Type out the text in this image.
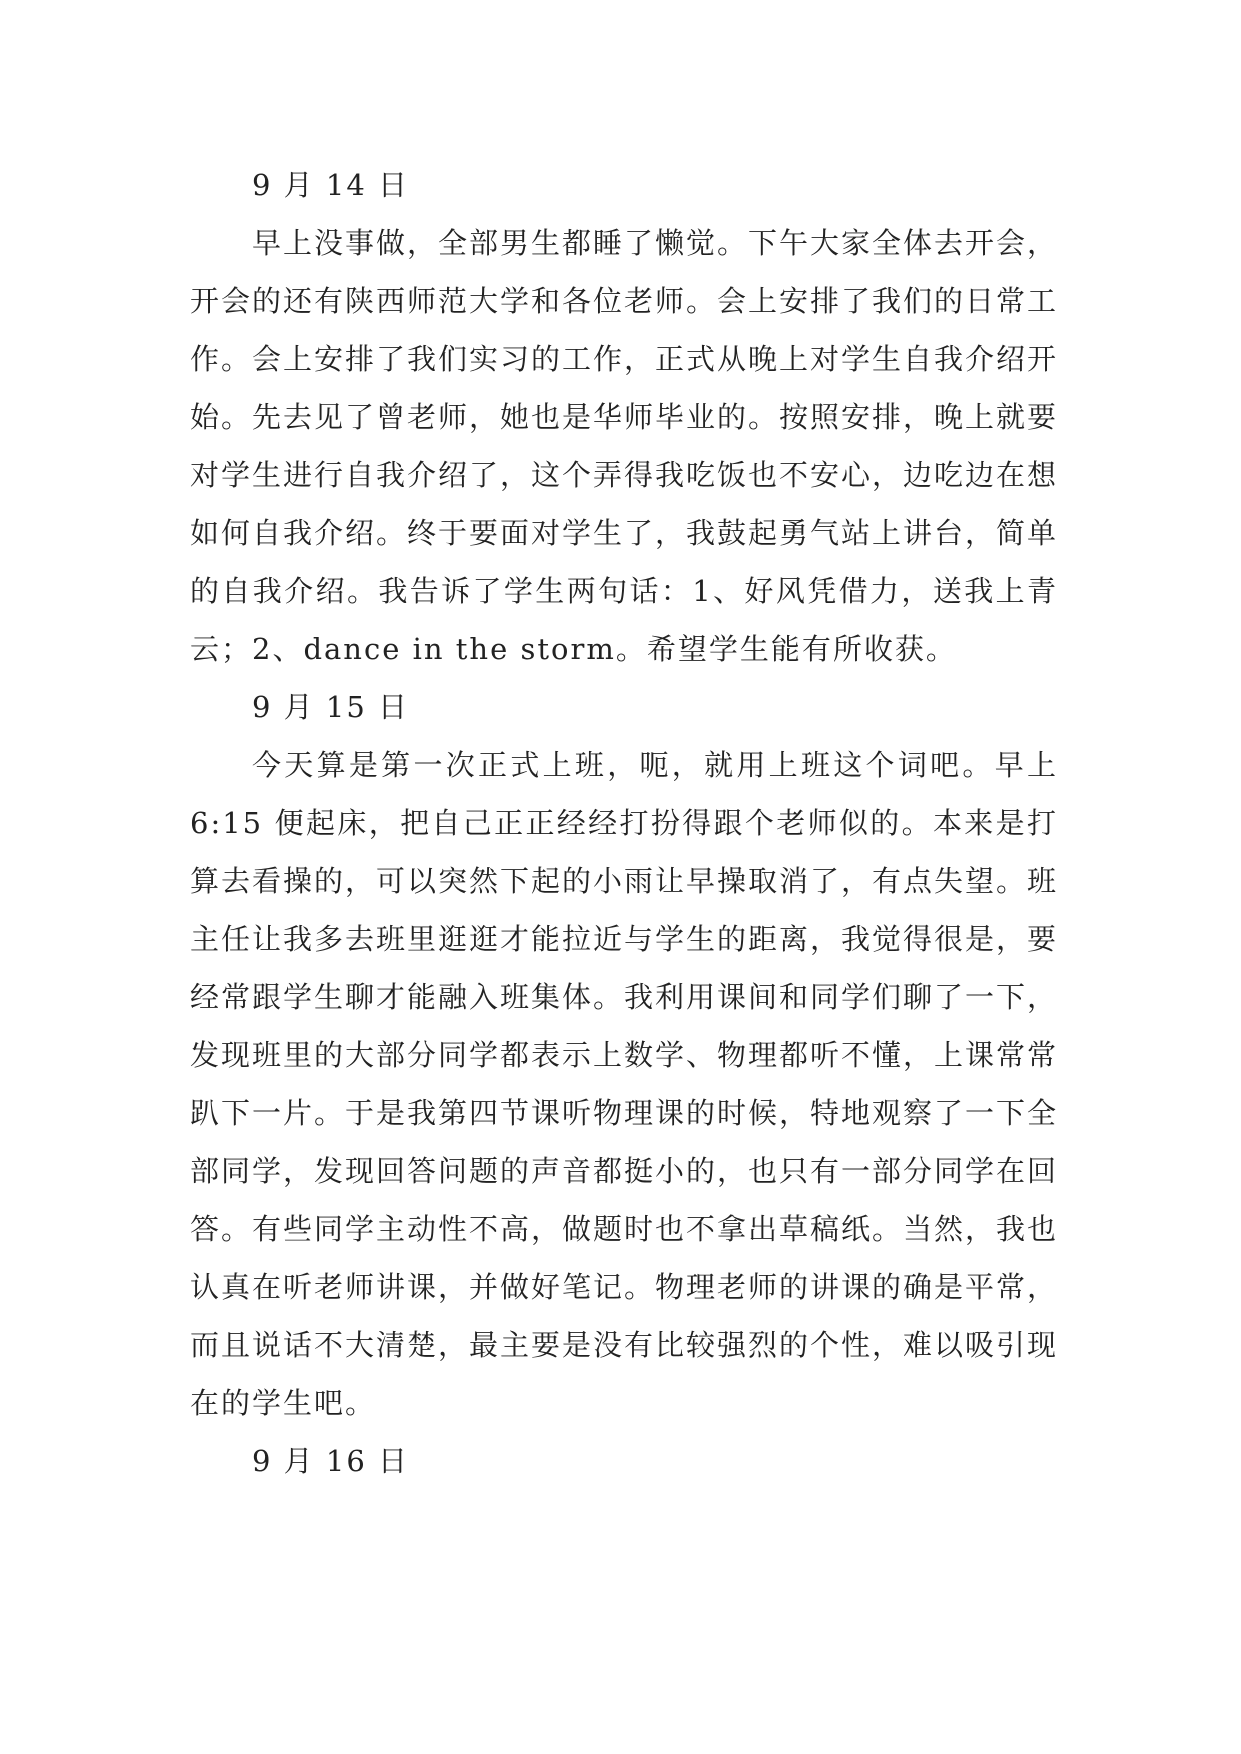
9 月 14 日

早上没事做，全部男生都睡了懒觉。下午大家全体去开会，开会的还有陕西师范大学和各位老师。会上安排了我们的日常工作。会上安排了我们实习的工作，正式从晚上对学生自我介绍开始。先去见了曾老师，她也是华师毕业的。按照安排，晚上就要对学生进行自我介绍了，这个弄得我吃饭也不安心，边吃边在想如何自我介绍。终于要面对学生了，我鼓起勇气站上讲台，简单的自我介绍。我告诉了学生两句话：1、好风凭借力，送我上青云；2、dance in the storm。希望学生能有所收获。

9 月 15 日

今天算是第一次正式上班，呃，就用上班这个词吧。早上 6:15 便起床，把自己正正经经打扮得跟个老师似的。本来是打算去看操的，可以突然下起的小雨让早操取消了，有点失望。班主任让我多去班里逛逛才能拉近与学生的距离，我觉得很是，要经常跟学生聊才能融入班集体。我利用课间和同学们聊了一下，发现班里的大部分同学都表示上数学、物理都听不懂，上课常常趴下一片。于是我第四节课听物理课的时候，特地观察了一下全部同学，发现回答问题的声音都挺小的，也只有一部分同学在回答。有些同学主动性不高，做题时也不拿出草稿纸。当然，我也认真在听老师讲课，并做好笔记。物理老师的讲课的确是平常，而且说话不大清楚，最主要是没有比较强烈的个性，难以吸引现在的学生吧。

9 月 16 日
